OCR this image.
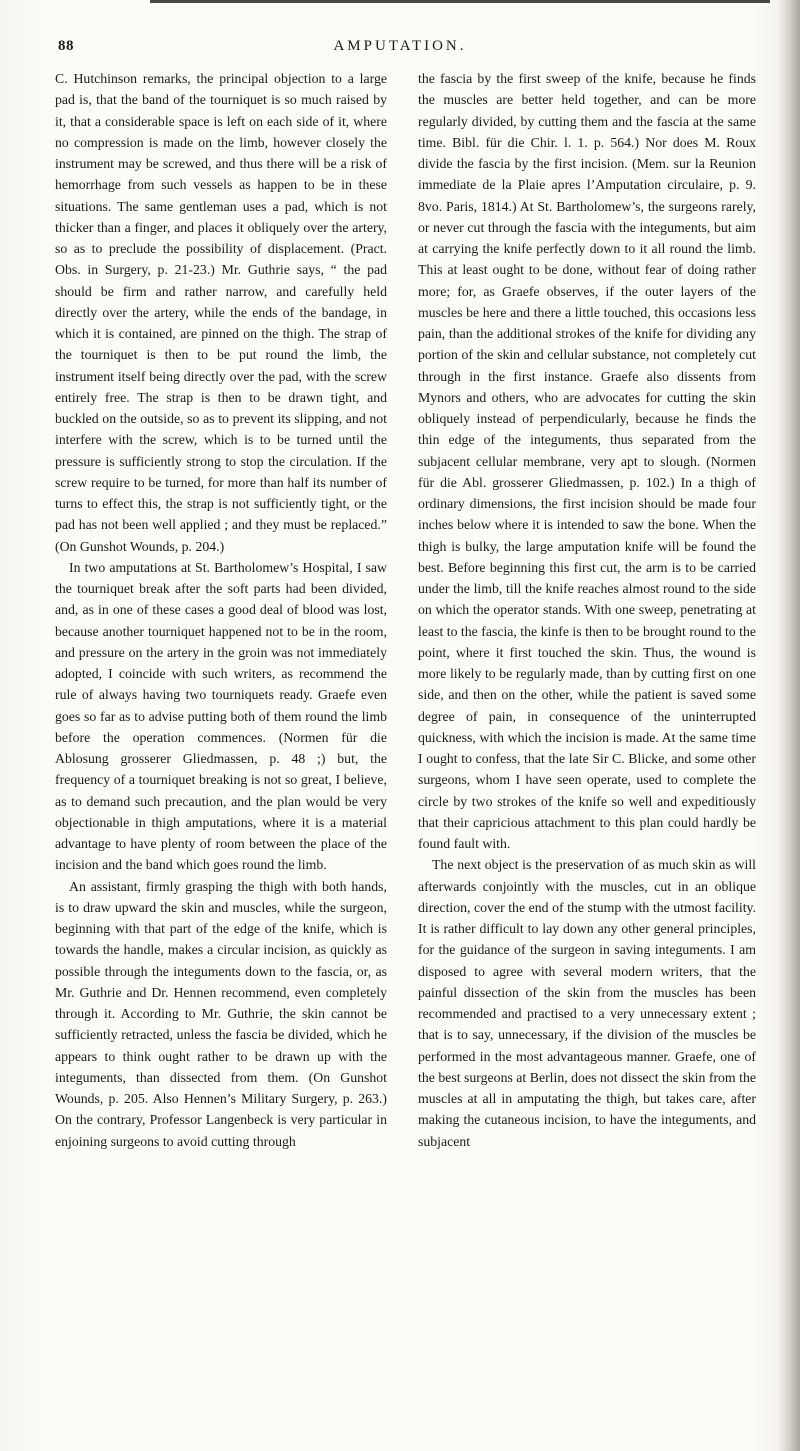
88	AMPUTATION.

C. Hutchinson remarks, the principal objection to a large pad is, that the band of the tourniquet is so much raised by it, that a considerable space is left on each side of it, where no compression is made on the limb, however closely the instrument may be screwed, and thus there will be a risk of hemorrhage from such vessels as happen to be in these situations. The same gentleman uses a pad, which is not thicker than a finger, and places it obliquely over the artery, so as to preclude the possibility of displacement. (Pract. Obs. in Surgery, p. 21-23.) Mr. Guthrie says, “ the pad should be firm and rather narrow, and carefully held directly over the artery, while the ends of the bandage, in which it is contained, are pinned on the thigh. The strap of the tourniquet is then to be put round the limb, the instrument itself being directly over the pad, with the screw entirely free. The strap is then to be drawn tight, and buckled on the outside, so as to prevent its slipping, and not interfere with the screw, which is to be turned until the pressure is sufficiently strong to stop the circulation. If the screw require to be turned, for more than half its number of turns to effect this, the strap is not sufficiently tight, or the pad has not been well applied ; and they must be replaced.” (On Gunshot Wounds, p. 204.)

In two amputations at St. Bartholomew’s Hospital, I saw the tourniquet break after the soft parts had been divided, and, as in one of these cases a good deal of blood was lost, because another tourniquet happened not to be in the room, and pressure on the artery in the groin was not immediately adopted, I coincide with such writers, as recommend the rule of always having two tourniquets ready. Graefe even goes so far as to advise putting both of them round the limb before the operation commences. (Normen für die Ablosung grosserer Gliedmassen, p. 48 ;) but, the frequency of a tourniquet breaking is not so great, I believe, as to demand such precaution, and the plan would be very objectionable in thigh amputations, where it is a material advantage to have plenty of room between the place of the incision and the band which goes round the limb.

An assistant, firmly grasping the thigh with both hands, is to draw upward the skin and muscles, while the surgeon, beginning with that part of the edge of the knife, which is towards the handle, makes a circular incision, as quickly as possible through the integuments down to the fascia, or, as Mr. Guthrie and Dr. Hennen recommend, even completely through it. According to Mr. Guthrie, the skin cannot be sufficiently retracted, unless the fascia be divided, which he appears to think ought rather to be drawn up with the integuments, than dissected from them. (On Gunshot Wounds, p. 205. Also Hennen’s Military Surgery, p. 263.) On the contrary, Professor Langenbeck is very particular in enjoining surgeons to avoid cutting through

the fascia by the first sweep of the knife, because he finds the muscles are better held together, and can be more regularly divided, by cutting them and the fascia at the same time. Bibl. für die Chir. l. 1. p. 564.) Nor does M. Roux divide the fascia by the first incision. (Mem. sur la Reunion immediate de la Plaie apres l’Amputation circulaire, p. 9. 8vo. Paris, 1814.) At St. Bartholomew’s, the surgeons rarely, or never cut through the fascia with the integuments, but aim at carrying the knife perfectly down to it all round the limb. This at least ought to be done, without fear of doing rather more; for, as Graefe observes, if the outer layers of the muscles be here and there a little touched, this occasions less pain, than the additional strokes of the knife for dividing any portion of the skin and cellular substance, not completely cut through in the first instance. Graefe also dissents from Mynors and others, who are advocates for cutting the skin obliquely instead of perpendicularly, because he finds the thin edge of the integuments, thus separated from the subjacent cellular membrane, very apt to slough. (Normen für die Abl. grosserer Gliedmassen, p. 102.) In a thigh of ordinary dimensions, the first incision should be made four inches below where it is intended to saw the bone. When the thigh is bulky, the large amputation knife will be found the best. Before beginning this first cut, the arm is to be carried under the limb, till the knife reaches almost round to the side on which the operator stands. With one sweep, penetrating at least to the fascia, the kinfe is then to be brought round to the point, where it first touched the skin. Thus, the wound is more likely to be regularly made, than by cutting first on one side, and then on the other, while the patient is saved some degree of pain, in consequence of the uninterrupted quickness, with which the incision is made. At the same time I ought to confess, that the late Sir C. Blicke, and some other surgeons, whom I have seen operate, used to complete the circle by two strokes of the knife so well and expeditiously that their capricious attachment to this plan could hardly be found fault with.

The next object is the preservation of as much skin as will afterwards conjointly with the muscles, cut in an oblique direction, cover the end of the stump with the utmost facility. It is rather difficult to lay down any other general principles, for the guidance of the surgeon in saving integuments. I am disposed to agree with several modern writers, that the painful dissection of the skin from the muscles has been recommended and practised to a very unnecessary extent ; that is to say, unnecessary, if the division of the muscles be performed in the most advantageous manner. Graefe, one of the best surgeons at Berlin, does not dissect the skin from the muscles at all in amputating the thigh, but takes care, after making the cutaneous incision, to have the integuments, and subjacent
